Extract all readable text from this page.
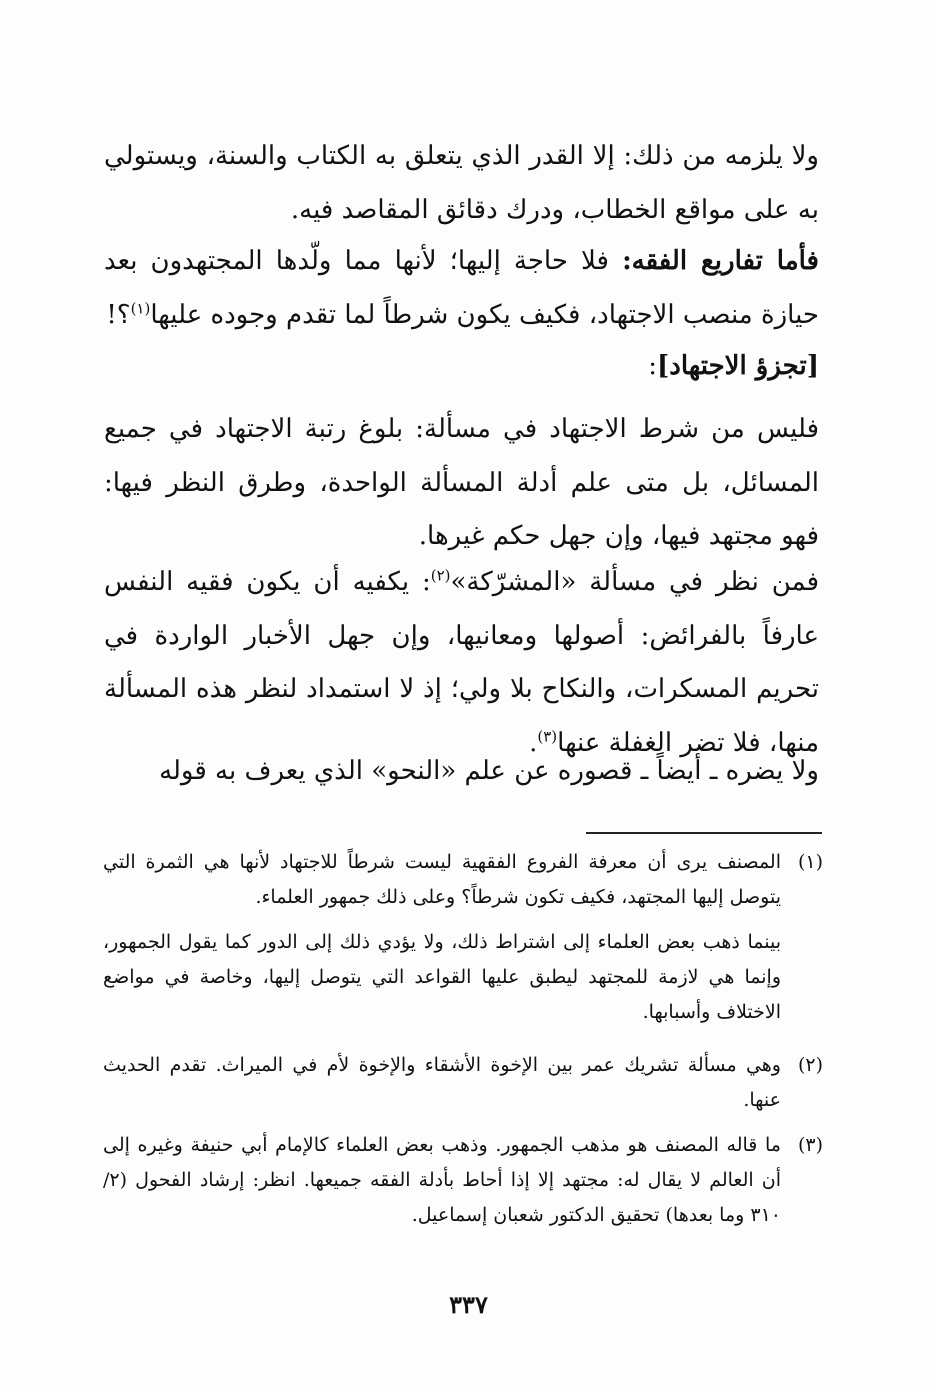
ولا يلزمه من ذلك: إلا القدر الذي يتعلق به الكتاب والسنة، ويستولي به على مواقع الخطاب، ودرك دقائق المقاصد فيه.

فأما تفاريع الفقه: فلا حاجة إليها؛ لأنها مما ولّدها المجتهدون بعد حيازة منصب الاجتهاد، فكيف يكون شرطاً لما تقدم وجوده عليها$^{(١)}$؟!

[تجزؤ الاجتهاد]:

فليس من شرط الاجتهاد في مسألة: بلوغ رتبة الاجتهاد في جميع المسائل، بل متى علم أدلة المسألة الواحدة، وطرق النظر فيها: فهو مجتهد فيها، وإن جهل حكم غيرها.

فمن نظر في مسألة «المشرّكة»$^{(٢)}$: يكفيه أن يكون فقيه النفس عارفاً بالفرائض: أصولها ومعانيها، وإن جهل الأخبار الواردة في تحريم المسكرات، والنكاح بلا ولي؛ إذ لا استمداد لنظر هذه المسألة منها، فلا تضر الغفلة عنها$^{(٣)}$.

ولا يضره ـ أيضاً ـ قصوره عن علم «النحو» الذي يعرف به قوله

(١)
المصنف يرى أن معرفة الفروع الفقهية ليست شرطاً للاجتهاد لأنها هي الثمرة التي يتوصل إليها المجتهد، فكيف تكون شرطاً؟ وعلى ذلك جمهور العلماء.
بينما ذهب بعض العلماء إلى اشتراط ذلك، ولا يؤدي ذلك إلى الدور كما يقول الجمهور، وإنما هي لازمة للمجتهد ليطبق عليها القواعد التي يتوصل إليها، وخاصة في مواضع الاختلاف وأسبابها.
(٢)
وهي مسألة تشريك عمر بين الإخوة الأشقاء والإخوة لأم في الميراث. تقدم الحديث عنها.
(٣)
ما قاله المصنف هو مذهب الجمهور. وذهب بعض العلماء كالإمام أبي حنيفة وغيره إلى أن العالم لا يقال له: مجتهد إلا إذا أحاط بأدلة الفقه جميعها. انظر: إرشاد الفحول (٢/ ٣١٠ وما بعدها) تحقيق الدكتور شعبان إسماعيل.
٣٣٧
